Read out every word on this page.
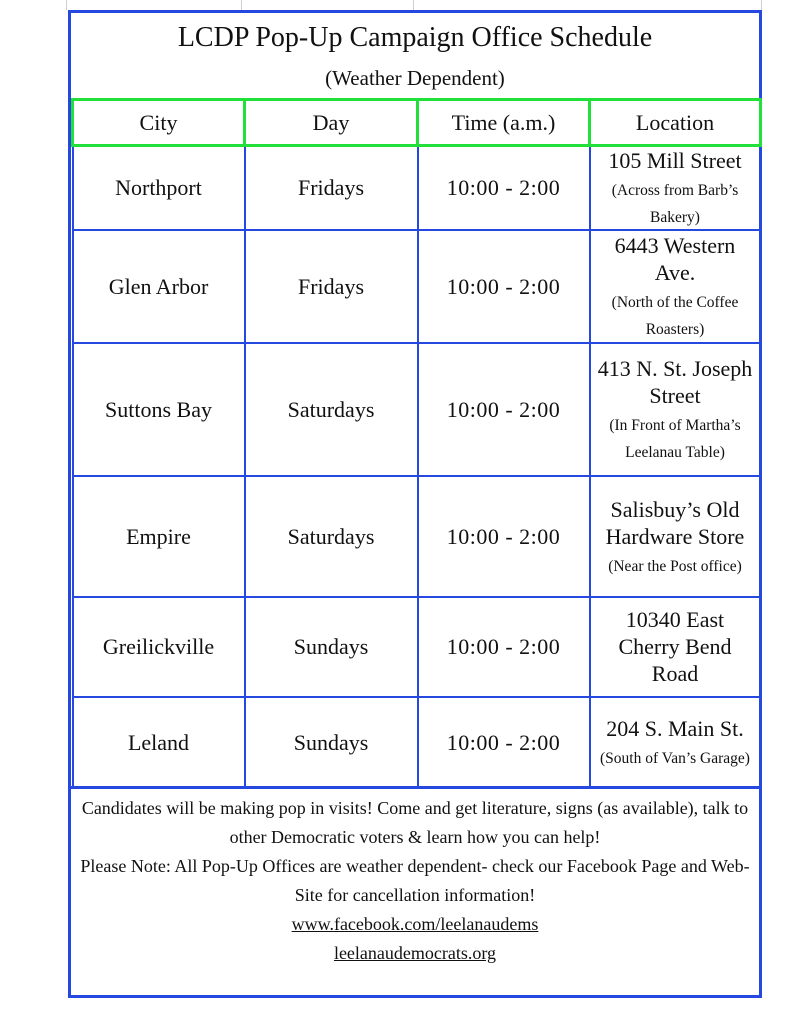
LCDP Pop-Up Campaign Office Schedule
(Weather Dependent)
City	Day	Time (a.m.)	Location
Northport	Fridays	10:00 - 2:00	105 Mill Street
(Across from Barb’s Bakery)
Glen Arbor	Fridays	10:00 - 2:00	6443 Western Ave.
(North of the Coffee Roasters)
Suttons Bay	Saturdays	10:00 - 2:00	413 N. St. Joseph Street
(In Front of Martha’s Leelanau Table)
Empire	Saturdays	10:00 - 2:00	Salisbuy’s Old Hardware Store (Near the Post office)
Greilickville	Sundays	10:00 - 2:00	10340 East Cherry Bend Road
Leland	Sundays	10:00 - 2:00	204 S. Main St. (South of Van’s Garage)

Candidates will be making pop in visits! Come and get literature, signs (as available), talk to other Democratic voters & learn how you can help!

Please Note: All Pop-Up Offices are weather dependent- check our Facebook Page and Web-Site for cancellation information!

www.facebook.com/leelanaudems

leelanaudemocrats.org
